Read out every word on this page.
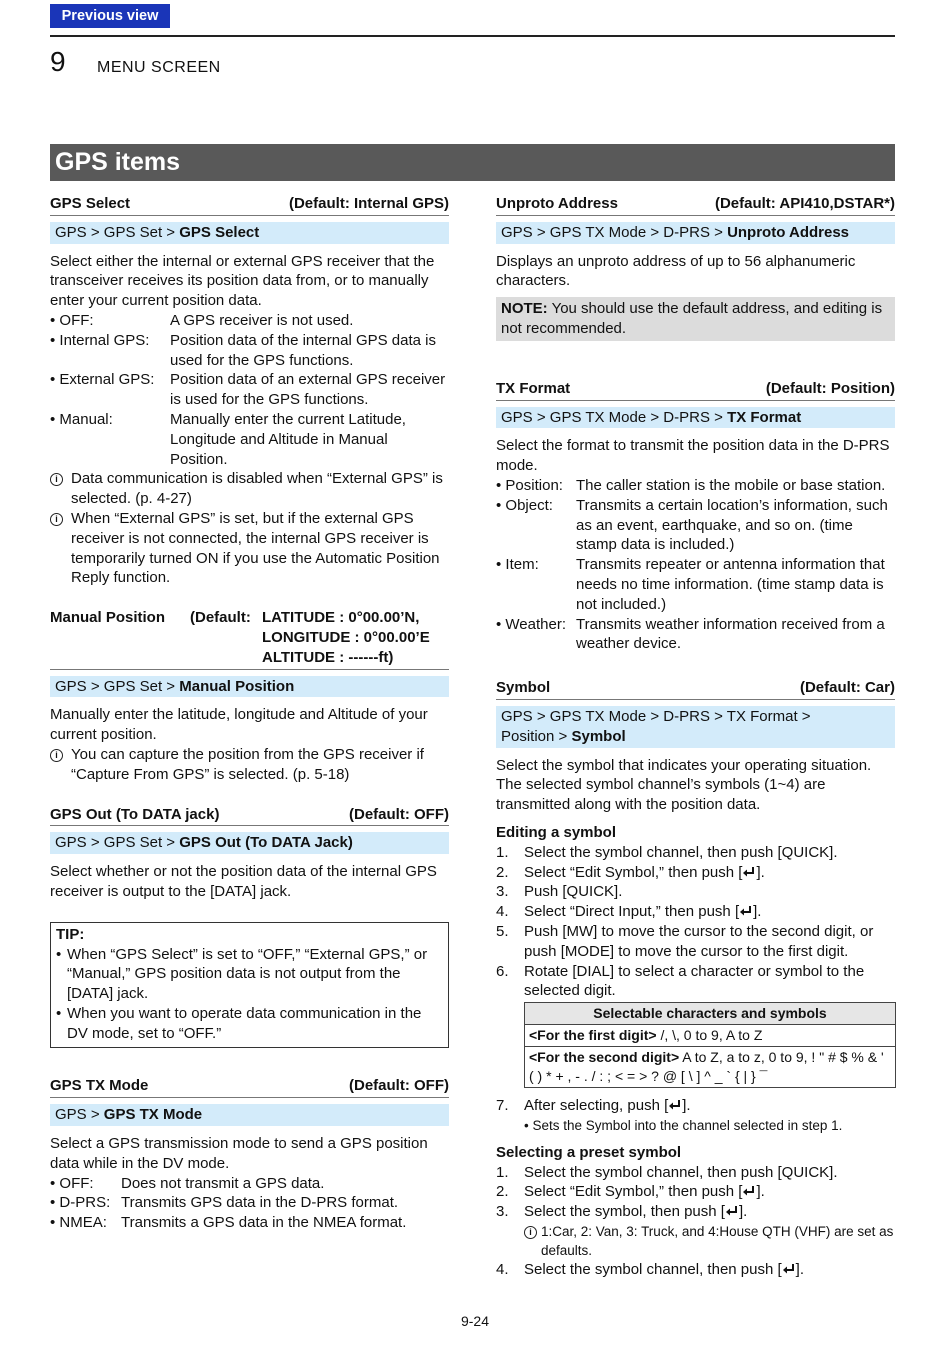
Previous view
9 MENU SCREEN
GPS items
GPS Select	(Default: Internal GPS)
GPS > GPS Set > GPS Select
Select either the internal or external GPS receiver that the transceiver receives its position data from, or to manually enter your current position data.
• OFF:	A GPS receiver is not used.
• Internal GPS:	Position data of the internal GPS data is used for the GPS functions.
• External GPS:	Position data of an external GPS receiver is used for the GPS functions.
• Manual:	Manually enter the current Latitude, Longitude and Altitude in Manual Position.
i Data communication is disabled when “External GPS” is selected. (p. 4-27)
i When “External GPS” is set, but if the external GPS receiver is not connected, the internal GPS receiver is temporarily turned ON if you use the Automatic Position Reply function.
Manual Position	(Default: LATITUDE : 0°00.00’N,
LONGITUDE : 0°00.00’E
ALTITUDE : ------ft)
GPS > GPS Set > Manual Position
Manually enter the latitude, longitude and Altitude of your current position.
i You can capture the position from the GPS receiver if “Capture From GPS” is selected. (p. 5-18)
GPS Out (To DATA jack)	(Default: OFF)
GPS > GPS Set > GPS Out (To DATA Jack)
Select whether or not the position data of the internal GPS receiver is output to the [DATA] jack.
TIP:
• When “GPS Select” is set to “OFF,” “External GPS,” or “Manual,” GPS position data is not output from the [DATA] jack.
• When you want to operate data communication in the DV mode, set to “OFF.”
GPS TX Mode	(Default: OFF)
GPS > GPS TX Mode
Select a GPS transmission mode to send a GPS position data while in the DV mode.
• OFF:	Does not transmit a GPS data.
• D-PRS: Transmits GPS data in the D-PRS format.
• NMEA: Transmits a GPS data in the NMEA format.
Unproto Address	(Default: API410,DSTAR*)
GPS > GPS TX Mode > D-PRS > Unproto Address
Displays an unproto address of up to 56 alphanumeric characters.
NOTE: You should use the default address, and editing is not recommended.
TX Format	(Default: Position)
GPS > GPS TX Mode > D-PRS > TX Format
Select the format to transmit the position data in the D-PRS mode.
• Position: The caller station is the mobile or base station.
• Object:	Transmits a certain location’s information, such as an event, earthquake, and so on. (time stamp data is included.)
• Item:	Transmits repeater or antenna information that needs no time information. (time stamp data is not included.)
• Weather: Transmits weather information received from a weather device.
Symbol	(Default: Car)
GPS > GPS TX Mode > D-PRS > TX Format >
Position > Symbol
Select the symbol that indicates your operating situation. The selected symbol channel’s symbols (1~4) are transmitted along with the position data.
Editing a symbol
1.	Select the symbol channel, then push [QUICK].
2.	Select “Edit Symbol,” then push [ ].
3.	Push [QUICK].
4.	Select “Direct Input,” then push [ ].
5.	Push [MW] to move the cursor to the second digit, or push [MODE] to move the cursor to the first digit.
6.	Rotate [DIAL] to select a character or symbol to the selected digit.
Selectable characters and symbols
<For the first digit> /, \, 0 to 9, A to Z
<For the second digit> A to Z, a to z, 0 to 9, ! " # $ % & ' ( ) * + , - . / : ; < = > ? @ [ \ ] ^ _ ` { | } ¯
7.	After selecting, push [ ].
• Sets the Symbol into the channel selected in step 1.
Selecting a preset symbol
1.	Select the symbol channel, then push [QUICK].
2.	Select “Edit Symbol,” then push [ ].
3.	Select the symbol, then push [ ].
i 1:Car, 2: Van, 3: Truck, and 4:House QTH (VHF) are set as defaults.
4.	Select the symbol channel, then push [ ].
9-24
